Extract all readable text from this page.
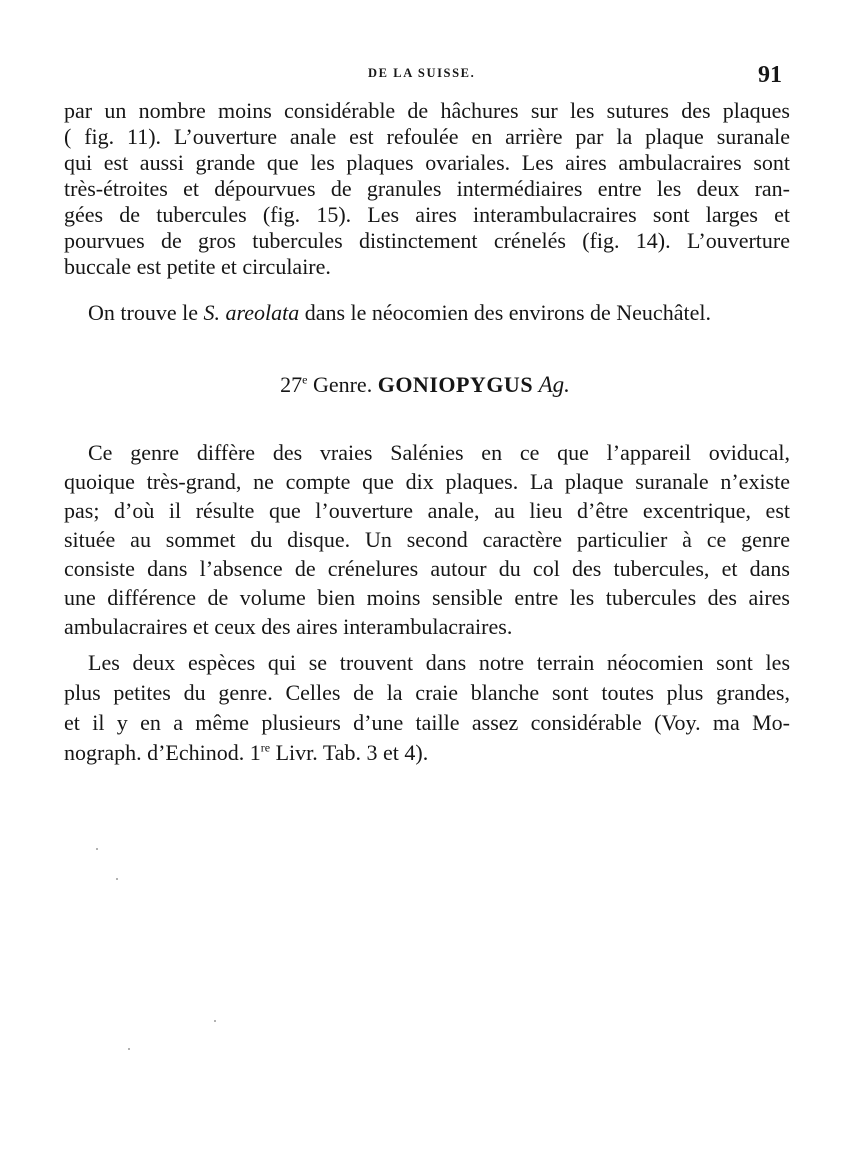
DE LA SUISSE.	91
par un nombre moins considérable de hâchures sur les sutures des plaques
( fig. 11). L’ouverture anale est refoulée en arrière par la plaque suranale
qui est aussi grande que les plaques ovariales. Les aires ambulacraires sont
très-étroites et dépourvues de granules intermédiaires entre les deux ran-
gées de tubercules (fig. 15). Les aires interambulacraires sont larges et
pourvues de gros tubercules distinctement crénelés (fig. 14). L’ouverture
buccale est petite et circulaire.
On trouve le S. areolata dans le néocomien des environs de Neuchâtel.
27e Genre. GONIOPYGUS Ag.
Ce genre diffère des vraies Salénies en ce que l’appareil oviducal,
quoique très-grand, ne compte que dix plaques. La plaque suranale n’existe
pas; d’où il résulte que l’ouverture anale, au lieu d’être excentrique, est
située au sommet du disque. Un second caractère particulier à ce genre
consiste dans l’absence de crénelures autour du col des tubercules, et dans
une différence de volume bien moins sensible entre les tubercules des aires
ambulacraires et ceux des aires interambulacraires.
Les deux espèces qui se trouvent dans notre terrain néocomien sont les
plus petites du genre. Celles de la craie blanche sont toutes plus grandes,
et il y en a même plusieurs d’une taille assez considérable (Voy. ma Mo-
nograph. d’Echinod. 1re Livr. Tab. 3 et 4).
